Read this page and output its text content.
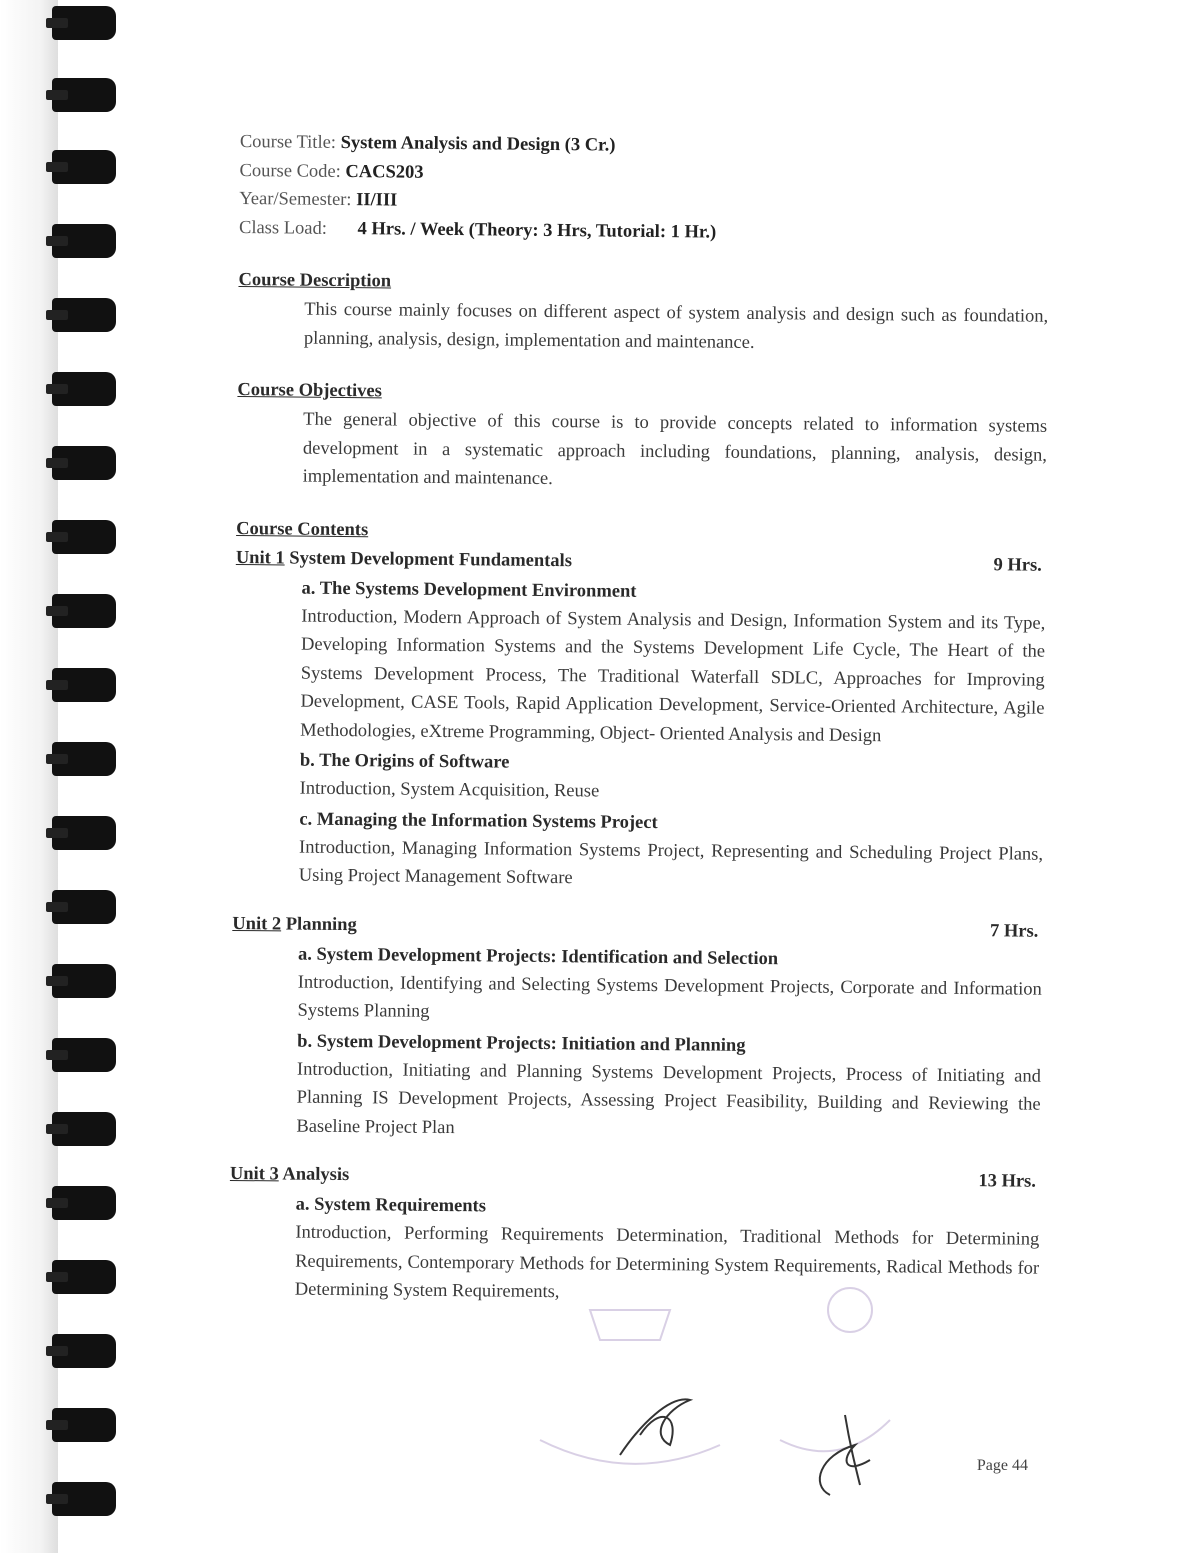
Course Title: System Analysis and Design (3 Cr.)
Course Code: CACS203
Year/Semester: II/III
Class Load: 4 Hrs. / Week (Theory: 3 Hrs, Tutorial: 1 Hr.)
Course Description

This course mainly focuses on different aspect of system analysis and design such as foundation, planning, analysis, design, implementation and maintenance.

Course Objectives

The general objective of this course is to provide concepts related to information systems development in a systematic approach including foundations, planning, analysis, design, implementation and maintenance.

Course Contents
Unit 1 System Development Fundamentals	9 Hrs.
a. The Systems Development Environment

Introduction, Modern Approach of System Analysis and Design, Information System and its Type, Developing Information Systems and the Systems Development Life Cycle, The Heart of the Systems Development Process, The Traditional Waterfall SDLC, Approaches for Improving Development, CASE Tools, Rapid Application Development, Service-Oriented Architecture, Agile Methodologies, eXtreme Programming, Object- Oriented Analysis and Design

b. The Origins of Software

Introduction, System Acquisition, Reuse

c. Managing the Information Systems Project

Introduction, Managing Information Systems Project, Representing and Scheduling Project Plans, Using Project Management Software

Unit 2 Planning	7 Hrs.
a. System Development Projects: Identification and Selection

Introduction, Identifying and Selecting Systems Development Projects, Corporate and Information Systems Planning

b. System Development Projects: Initiation and Planning

Introduction, Initiating and Planning Systems Development Projects, Process of Initiating and Planning IS Development Projects, Assessing Project Feasibility, Building and Reviewing the Baseline Project Plan

Unit 3 Analysis	13 Hrs.
a. System Requirements

Introduction, Performing Requirements Determination, Traditional Methods for Determining Requirements, Contemporary Methods for Determining System Requirements, Radical Methods for Determining System Requirements,

Page 44
